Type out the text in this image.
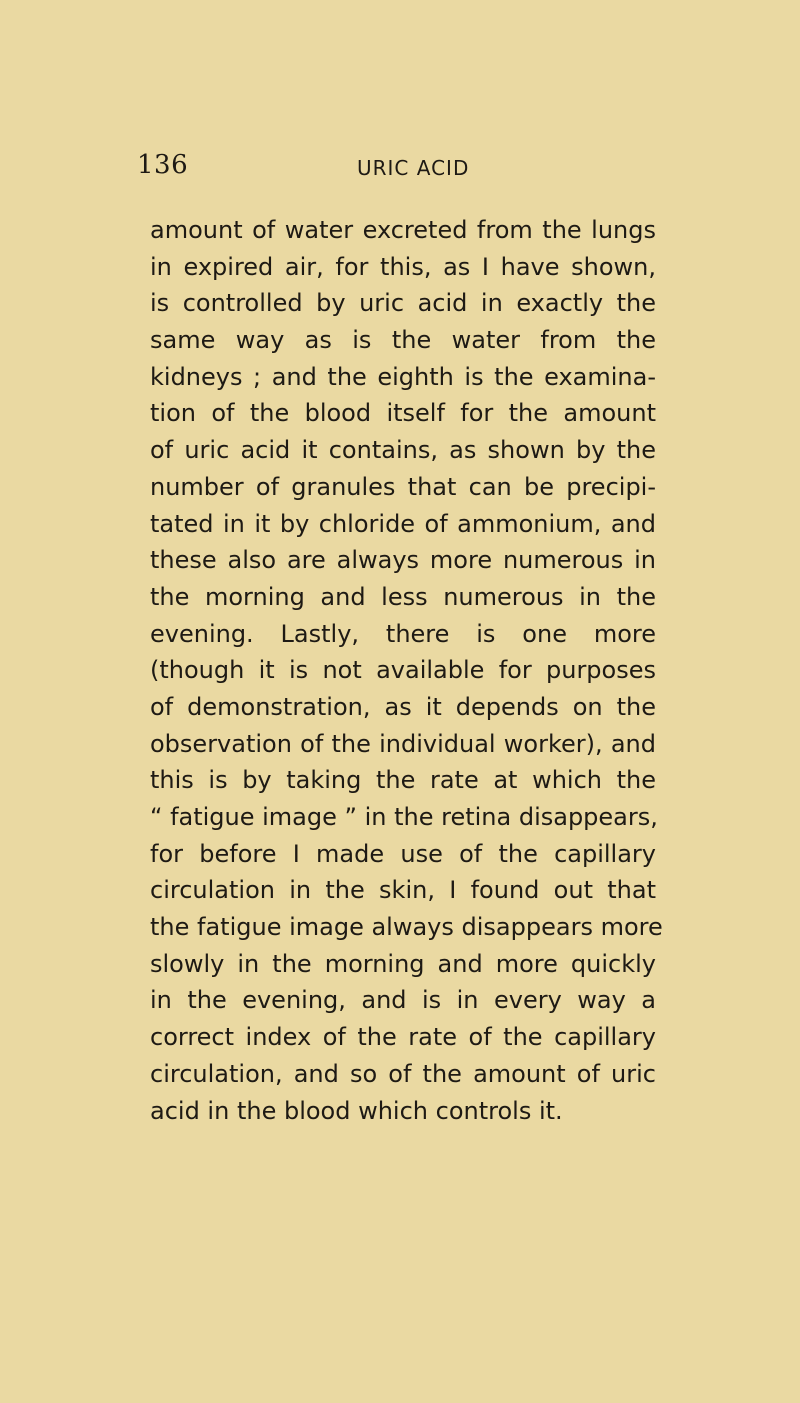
136	URIC ACID
amount of water excreted from the lungs
in expired air, for this, as I have shown,
is controlled by uric acid in exactly the
same way as is the water from the
kidneys ; and the eighth is the examina-
tion of the blood itself for the amount
of uric acid it contains, as shown by the
number of granules that can be precipi-
tated in it by chloride of ammonium, and
these also are always more numerous in
the morning and less numerous in the
evening. Lastly, there is one more
(though it is not available for purposes
of demonstration, as it depends on the
observation of the individual worker), and
this is by taking the rate at which the
“ fatigue image ” in the retina disappears,
for before I made use of the capillary
circulation in the skin, I found out that
the fatigue image always disappears more
slowly in the morning and more quickly
in the evening, and is in every way a
correct index of the rate of the capillary
circulation, and so of the amount of uric
acid in the blood which controls it.
